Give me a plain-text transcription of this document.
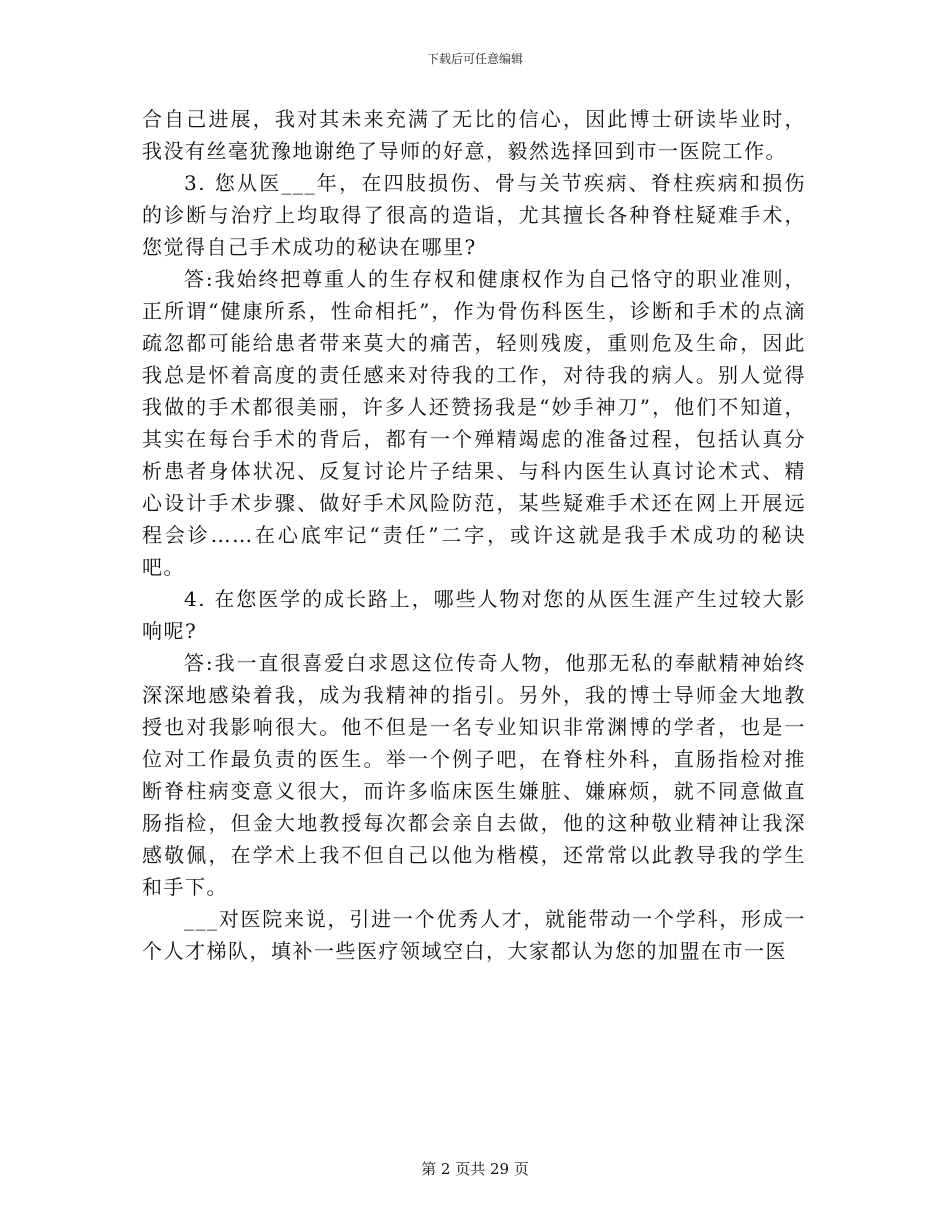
下载后可任意编辑

合自己进展，我对其未来充满了无比的信心，因此博士研读毕业时，我没有丝毫犹豫地谢绝了导师的好意，毅然选择回到市一医院工作。

3. 您从医___年，在四肢损伤、骨与关节疾病、脊柱疾病和损伤的诊断与治疗上均取得了很高的造诣，尤其擅长各种脊柱疑难手术，您觉得自己手术成功的秘诀在哪里?

答:我始终把尊重人的生存权和健康权作为自己恪守的职业准则，正所谓“健康所系，性命相托”，作为骨伤科医生，诊断和手术的点滴疏忽都可能给患者带来莫大的痛苦，轻则残废，重则危及生命，因此我总是怀着高度的责任感来对待我的工作，对待我的病人。别人觉得我做的手术都很美丽，许多人还赞扬我是“妙手神刀”，他们不知道，其实在每台手术的背后，都有一个殚精竭虑的准备过程，包括认真分析患者身体状况、反复讨论片子结果、与科内医生认真讨论术式、精心设计手术步骤、做好手术风险防范，某些疑难手术还在网上开展远程会诊……在心底牢记“责任”二字，或许这就是我手术成功的秘诀吧。

4. 在您医学的成长路上，哪些人物对您的从医生涯产生过较大影响呢?

答:我一直很喜爱白求恩这位传奇人物，他那无私的奉献精神始终深深地感染着我，成为我精神的指引。另外，我的博士导师金大地教授也对我影响很大。他不但是一名专业知识非常渊博的学者，也是一位对工作最负责的医生。举一个例子吧，在脊柱外科，直肠指检对推断脊柱病变意义很大，而许多临床医生嫌脏、嫌麻烦，就不同意做直肠指检，但金大地教授每次都会亲自去做，他的这种敬业精神让我深感敬佩，在学术上我不但自己以他为楷模，还常常以此教导我的学生和手下。

___对医院来说，引进一个优秀人才，就能带动一个学科，形成一个人才梯队，填补一些医疗领域空白，大家都认为您的加盟在市一医

第 2 页共 29 页
